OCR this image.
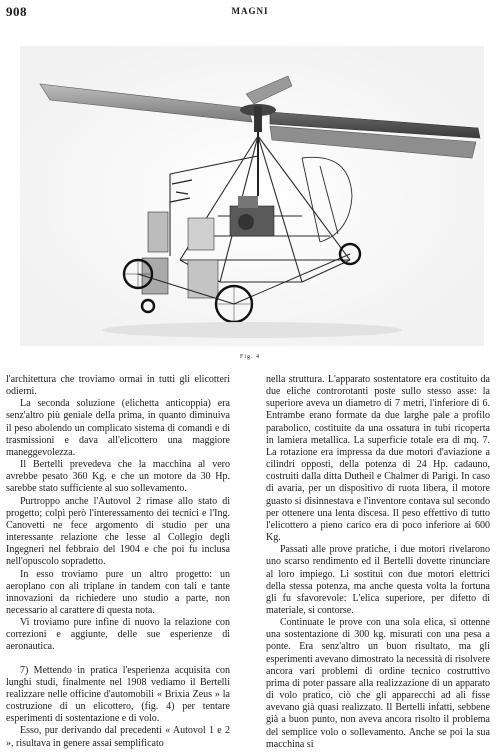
908	MAGNI
Fig. 4

l'architettura che troviamo ormai in tutti gli elicotteri odierni.

La seconda soluzione (elichetta anticoppia) era senz'altro più geniale della prima, in quanto diminuiva il peso abolendo un complicato sistema di comandi e di trasmissioni e dava all'elicottero una maggiore maneggevolezza.

Il Bertelli prevedeva che la macchina al vero avrebbe pesato 360 Kg. e che un motore da 30 Hp. sarebbe stato sufficiente al suo sollevamento.

Purtroppo anche l'Autovol 2 rimase allo stato di progetto; colpì però l'interessamento dei tecnici e l'Ing. Canovetti ne fece argomento di studio per una interessante relazione che lesse al Collegio degli Ingegneri nel febbraio del 1904 e che poi fu inclusa nell'opuscolo sopradetto.

In esso troviamo pure un altro progetto: un aeroplano con ali triplane in tandem con tali e tante innovazioni da richiedere uno studio a parte, non necessario al carattere di questa nota.

Vi troviamo pure infine di nuovo la relazione con correzioni e aggiunte, delle sue esperienze di aeronautica.

7) Mettendo in pratica l'esperienza acquisita con lunghi studi, finalmente nel 1908 vediamo il Bertelli realizzare nelle officine d'automobili « Brixia Zeus » la costruzione di un elicottero, (fig. 4) per tentare esperimenti di sostentazione e di volo.

Esso, pur derivando dal precedenti « Autovol 1 e 2 », risultava in genere assai semplificato

nella struttura. L'apparato sostentatore era costituito da due eliche controrotanti poste sullo stesso asse: la superiore aveva un diametro di 7 metri, l'inferiore di 6. Entrambe erano formate da due larghe pale a profilo parabolico, costituite da una ossatura in tubi ricoperta in lamiera metallica. La superficie totale era di mq. 7. La rotazione era impressa da due motori d'aviazione a cilindri opposti, della potenza di 24 Hp. cadauno, costruiti dalla ditta Dutheil e Chalmer di Parigi. In caso di avaria, per un dispositivo di ruota libera, il motore guasto si disinnestava e l'inventore contava sul secondo per ottenere una lenta discesa. Il peso effettivo di tutto l'elicottero a pieno carico era di poco inferiore ai 600 Kg.

Passati alle prove pratiche, i due motori rivelarono uno scarso rendimento ed il Bertelli dovette rinunciare al loro impiego. Li sostituì con due motori elettrici della stessa potenza, ma anche questa volta la fortuna gli fu sfavorevole: L'elica superiore, per difetto di materiale, si contorse.

Continuate le prove con una sola elica, si ottenne una sostentazione di 300 kg. misurati con una pesa a ponte. Era senz'altro un buon risultato, ma gli esperimenti avevano dimostrato la necessità di risolvere ancora vari problemi di ordine tecnico costruttivo prima di poter passare alla realizzazione di un apparato di volo pratico, ciò che gli apparecchi ad ali fisse avevano già quasi realizzato. Il Bertelli infatti, sebbene già a buon punto, non aveva ancora risolto il problema del semplice volo o sollevamento. Anche se poi la sua macchina si
